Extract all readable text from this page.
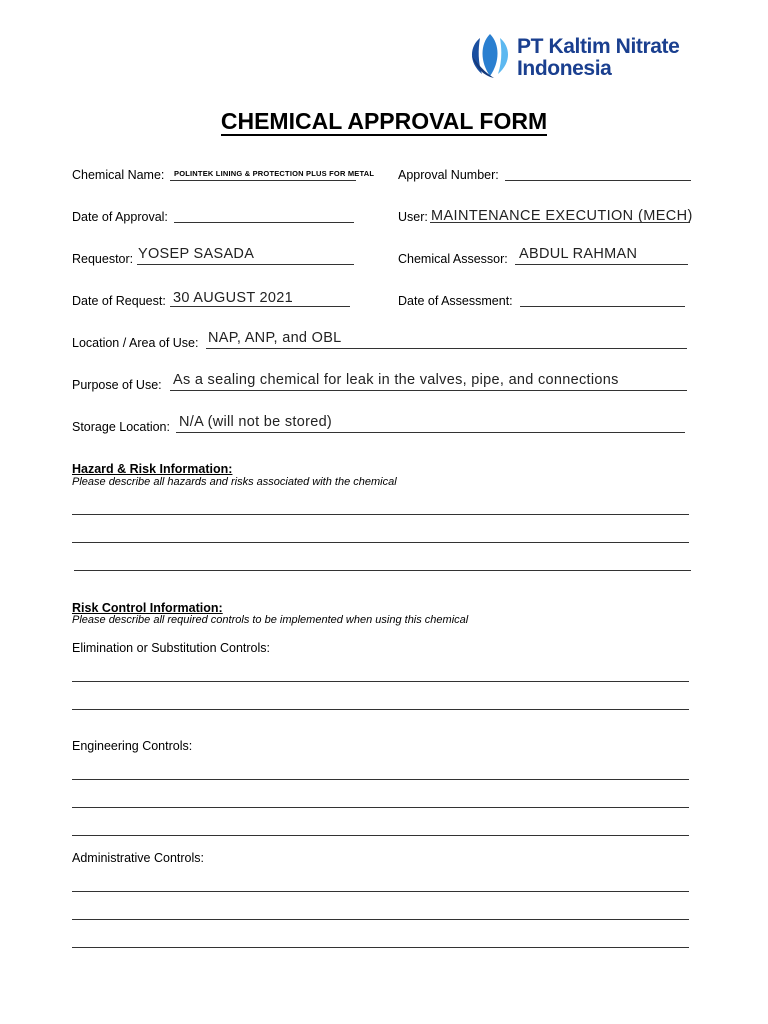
PT Kaltim Nitrate
Indonesia
CHEMICAL APPROVAL FORM
Chemical Name: POLINTEK LINING & PROTECTION PLUS FOR METAL Approval Number:
Date of Approval:	User: MAINTENANCE EXECUTION (MECH)
Requestor: YOSEP SASADA	Chemical Assessor: ABDUL RAHMAN
Date of Request: 30 AUGUST 2021	Date of Assessment:
Location / Area of Use: NAP, ANP, and OBL
Purpose of Use: As a sealing chemical for leak in the valves, pipe, and connections
Storage Location: N/A (will not be stored)
Hazard & Risk Information:
Please describe all hazards and risks associated with the chemical
Risk Control Information:
Please describe all required controls to be implemented when using this chemical
Elimination or Substitution Controls:
Engineering Controls:
Administrative Controls:
